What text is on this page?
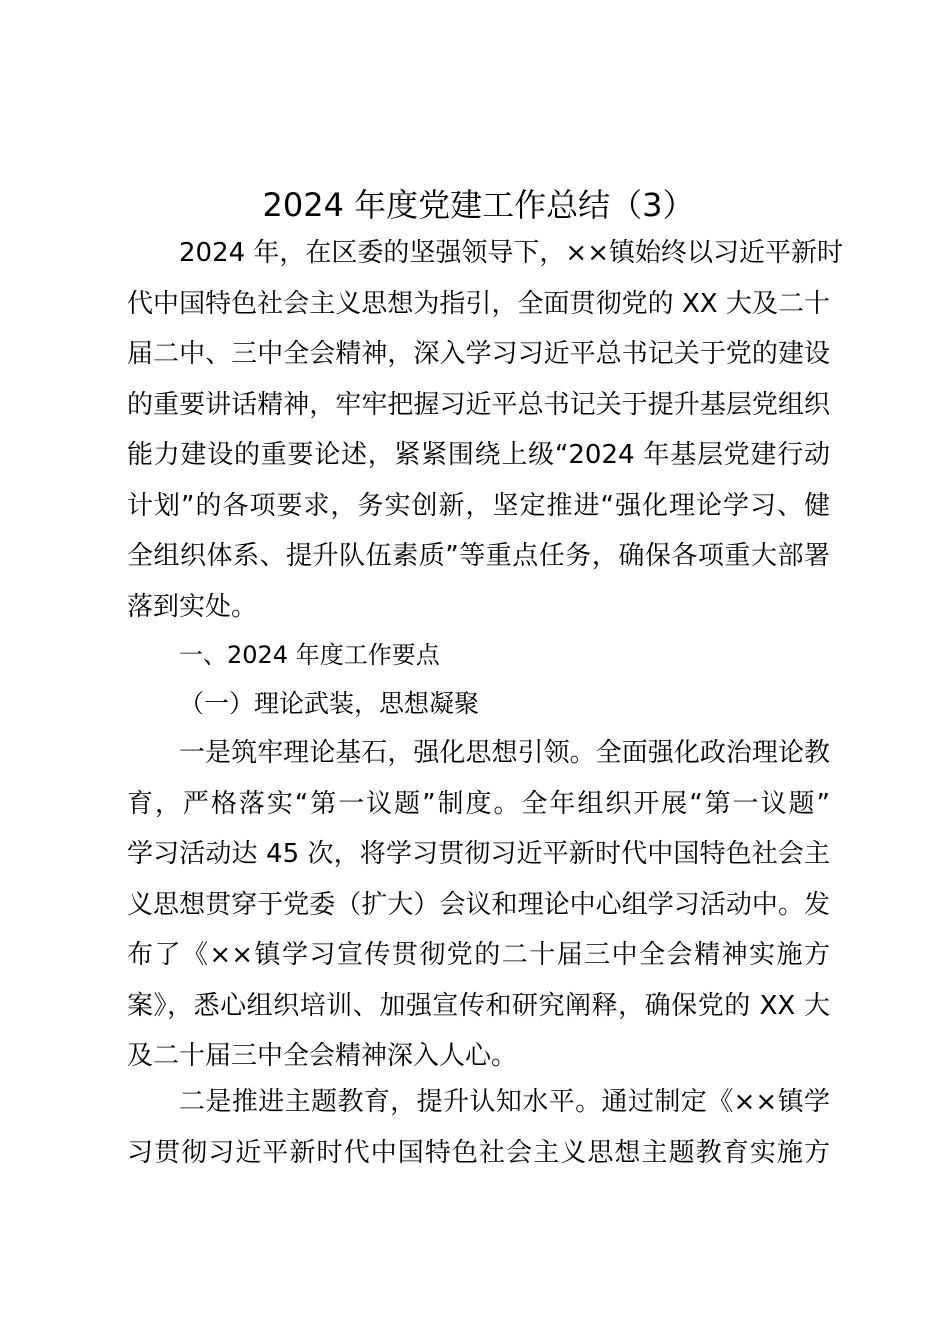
2024 年度党建工作总结（3）
2024 年，在区委的坚强领导下，××镇始终以习近平新时
代中国特色社会主义思想为指引，全面贯彻党的 XX 大及二十
届二中、三中全会精神，深入学习习近平总书记关于党的建设
的重要讲话精神，牢牢把握习近平总书记关于提升基层党组织
能力建设的重要论述，紧紧围绕上级“2024 年基层党建行动
计划”的各项要求，务实创新，坚定推进“强化理论学习、健
全组织体系、提升队伍素质”等重点任务，确保各项重大部署
落到实处。
一、2024 年度工作要点
（一）理论武装，思想凝聚
一是筑牢理论基石，强化思想引领。全面强化政治理论教
育，严格落实“第一议题”制度。全年组织开展“第一议题”
学习活动达 45 次，将学习贯彻习近平新时代中国特色社会主
义思想贯穿于党委（扩大）会议和理论中心组学习活动中。发
布了《××镇学习宣传贯彻党的二十届三中全会精神实施方
案》，悉心组织培训、加强宣传和研究阐释，确保党的 XX 大
及二十届三中全会精神深入人心。
二是推进主题教育，提升认知水平。通过制定《××镇学
习贯彻习近平新时代中国特色社会主义思想主题教育实施方
